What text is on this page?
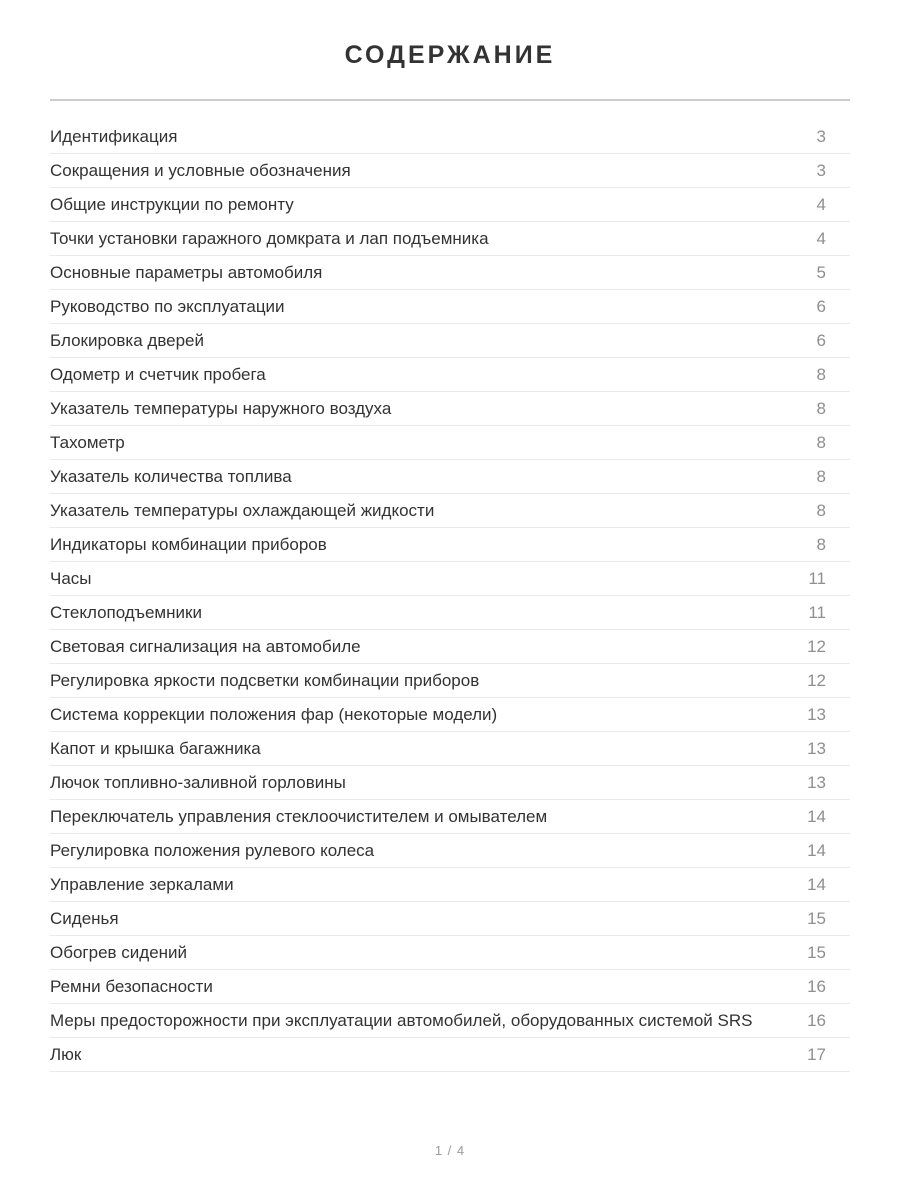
СОДЕРЖАНИЕ
Идентификация	3
Сокращения и условные обозначения	3
Общие инструкции по ремонту	4
Точки установки гаражного домкрата и лап подъемника	4
Основные параметры автомобиля	5
Руководство по эксплуатации	6
Блокировка дверей	6
Одометр и счетчик пробега	8
Указатель температуры наружного воздуха	8
Тахометр	8
Указатель количества топлива	8
Указатель температуры охлаждающей жидкости	8
Индикаторы комбинации приборов	8
Часы	11
Стеклоподъемники	11
Световая сигнализация на автомобиле	12
Регулировка яркости подсветки комбинации приборов	12
Система коррекции положения фар (некоторые модели)	13
Капот и крышка багажника	13
Лючок топливно-заливной горловины	13
Переключатель управления стеклоочистителем и омывателем	14
Регулировка положения рулевого колеса	14
Управление зеркалами	14
Сиденья	15
Обогрев сидений	15
Ремни безопасности	16
Меры предосторожности при эксплуатации автомобилей, оборудованных системой SRS	16
Люк	17
1 / 4
